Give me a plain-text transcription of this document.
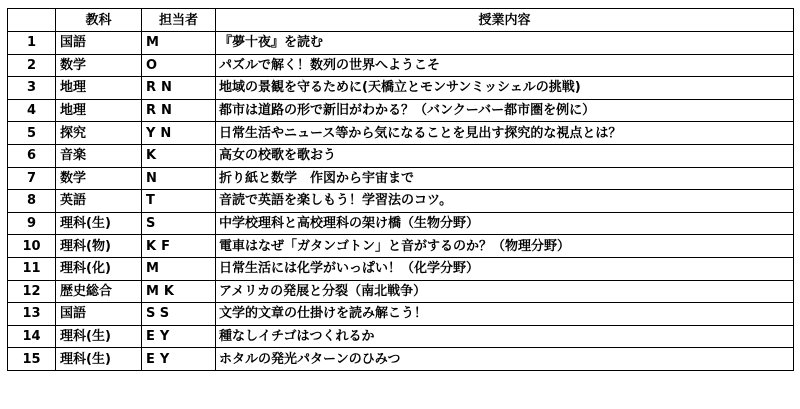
	教科	担当者	授業内容
1	国語	M	『夢十夜』を読む
2	数学	O	パズルで解く！数列の世界へようこそ
3	地理	RN	地域の景観を守るために(天橋立とモンサンミッシェルの挑戦)
4	地理	RN	都市は道路の形で新旧がわかる？（バンクーバー都市圏を例に）
5	探究	YN	日常生活やニュース等から気になることを見出す探究的な視点とは？
6	音楽	K	高女の校歌を歌おう
7	数学	N	折り紙と数学　作図から宇宙まで
8	英語	T	音読で英語を楽しもう！学習法のコツ。
9	理科(生)	S	中学校理科と高校理科の架け橋（生物分野）
10	理科(物)	KF	電車はなぜ「ガタンゴトン」と音がするのか？（物理分野）
11	理科(化)	M	日常生活には化学がいっぱい！（化学分野）
12	歴史総合	MK	アメリカの発展と分裂（南北戦争）
13	国語	SS	文学的文章の仕掛けを読み解こう！
14	理科(生)	EY	種なしイチゴはつくれるか
15	理科(生)	EY	ホタルの発光パターンのひみつ
